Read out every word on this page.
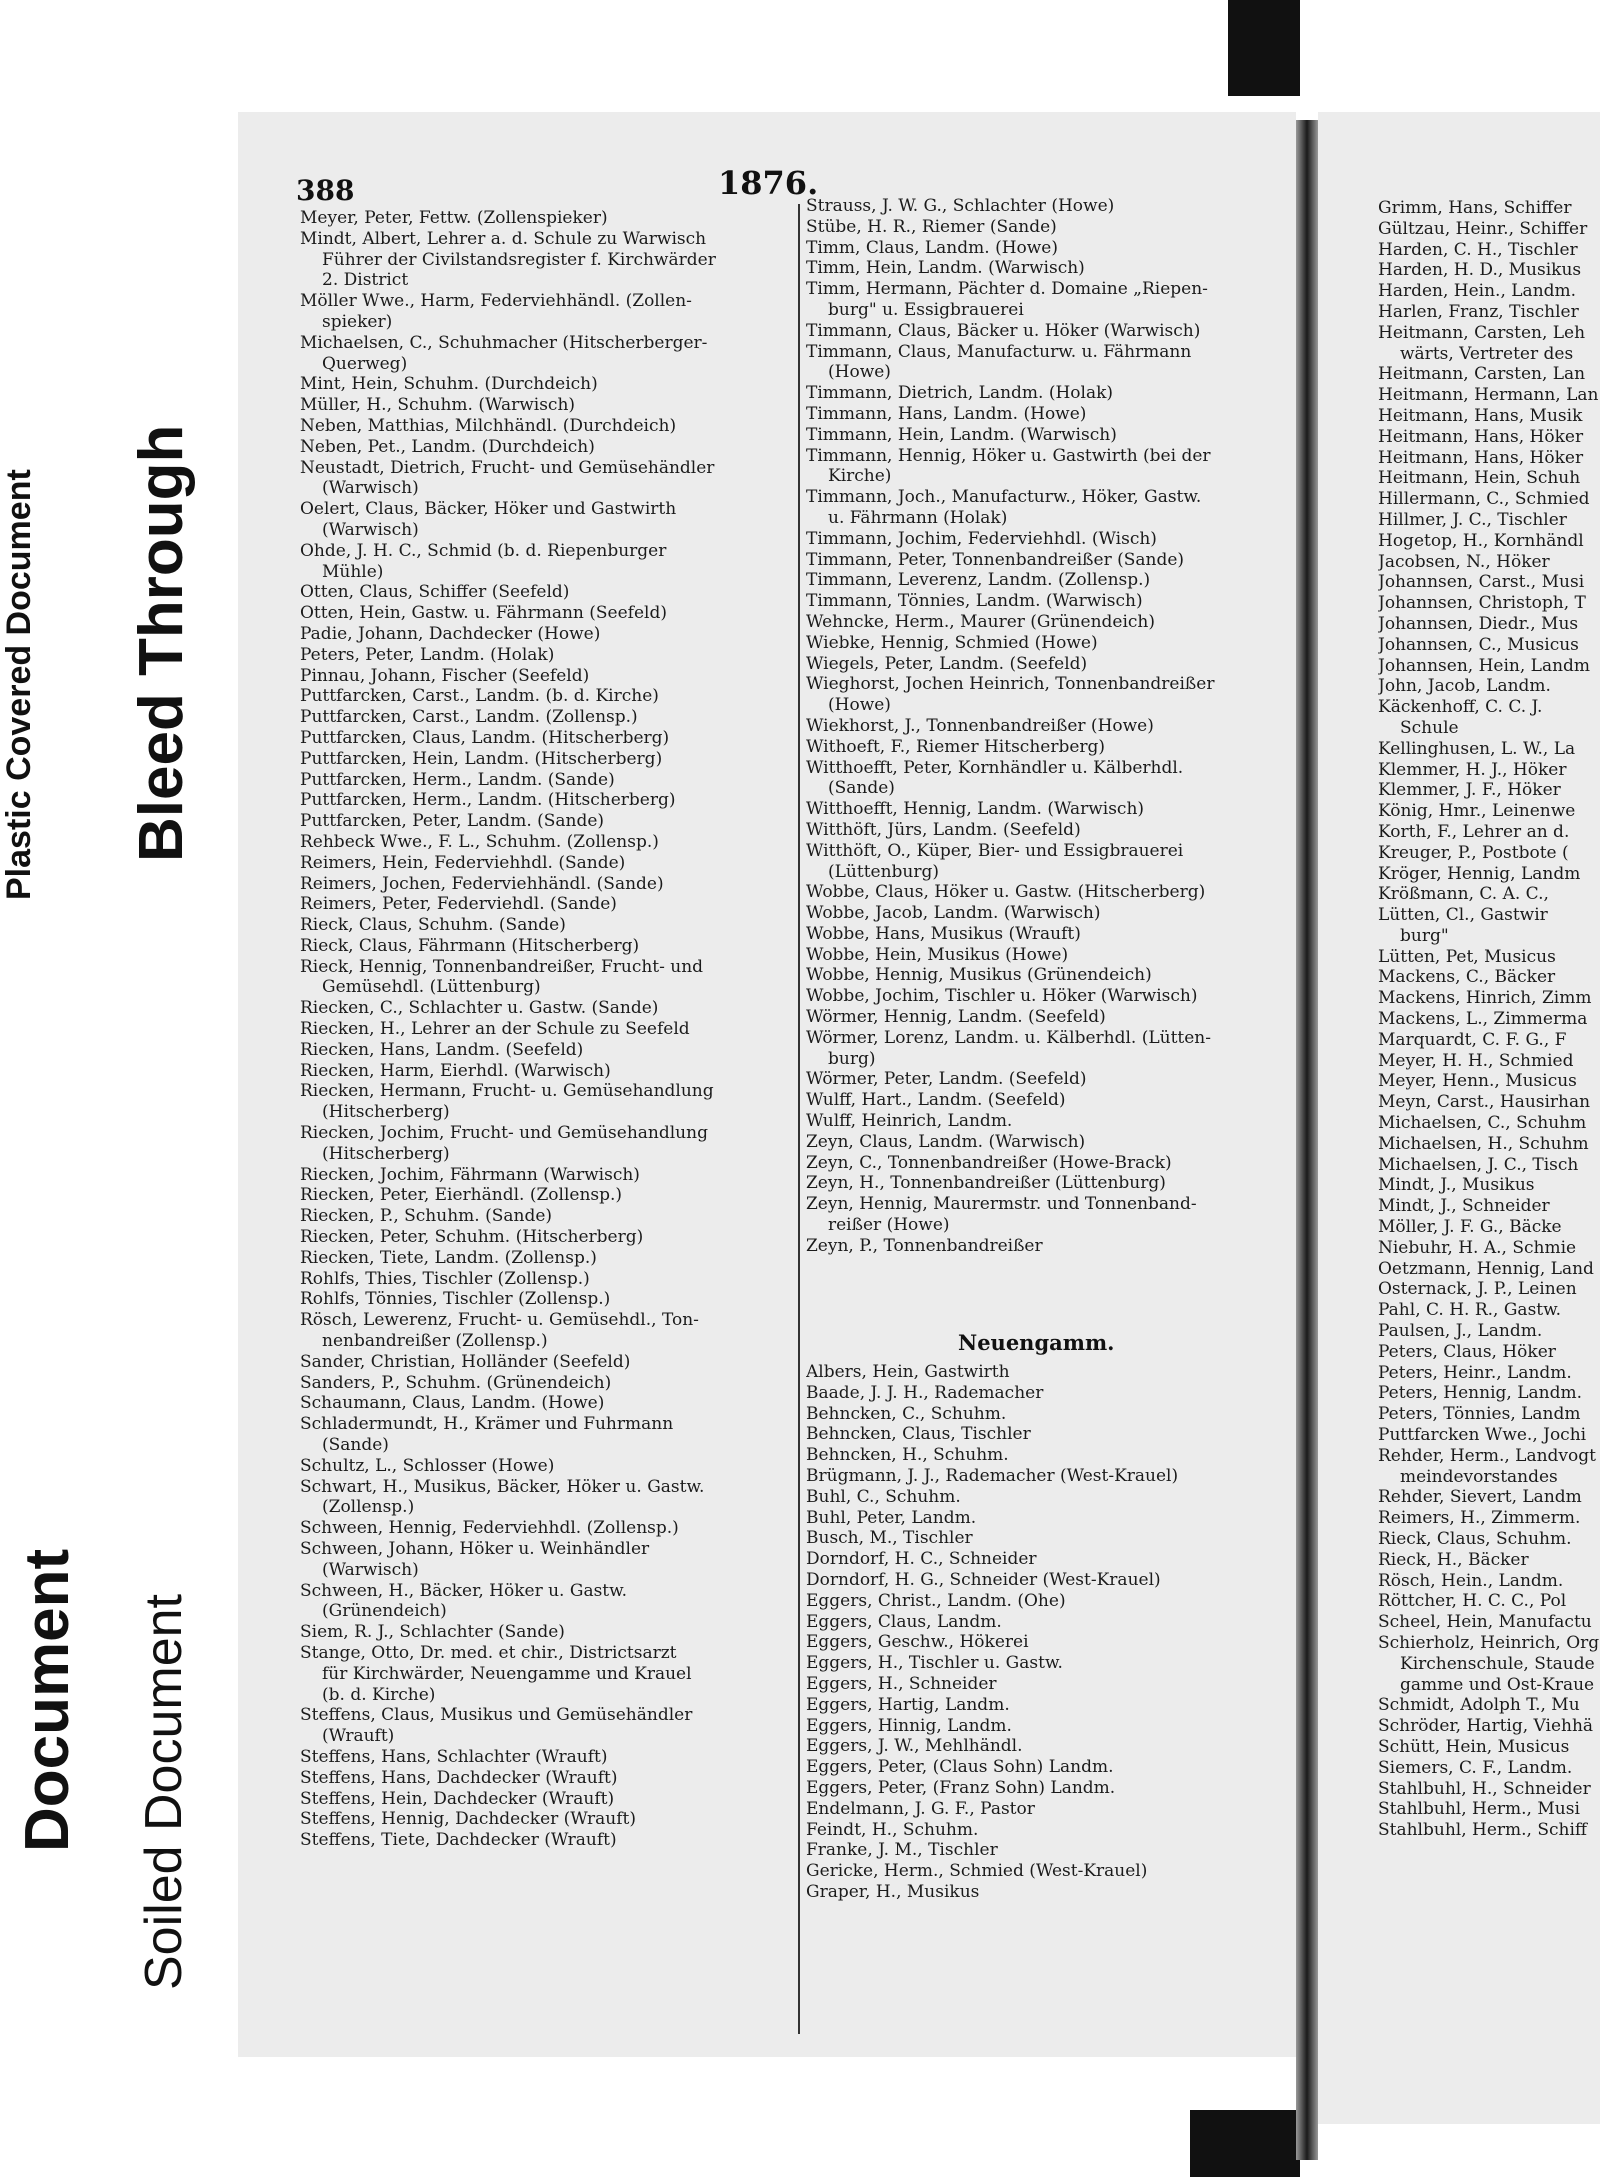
Plastic Covered Document Bleed Through
Document Soiled Document
388	1876.
Meyer, Peter, Fettw. (Zollenspieker)
Mindt, Albert, Lehrer a. d. Schule zu Warwisch
Führer der Civilstandsregister f. Kirchwärder
2. District
Möller Wwe., Harm, Federviehhändl. (Zollen-
spieker)
Michaelsen, C., Schuhmacher (Hitscherberger-
Querweg)
Mint, Hein, Schuhm. (Durchdeich)
Müller, H., Schuhm. (Warwisch)
Neben, Matthias, Milchhändl. (Durchdeich)
Neben, Pet., Landm. (Durchdeich)
Neustadt, Dietrich, Frucht- und Gemüsehändler
(Warwisch)
Oelert, Claus, Bäcker, Höker und Gastwirth
(Warwisch)
Ohde, J. H. C., Schmid (b. d. Riepenburger
Mühle)
Otten, Claus, Schiffer (Seefeld)
Otten, Hein, Gastw. u. Fährmann (Seefeld)
Padie, Johann, Dachdecker (Howe)
Peters, Peter, Landm. (Holak)
Pinnau, Johann, Fischer (Seefeld)
Puttfarcken, Carst., Landm. (b. d. Kirche)
Puttfarcken, Carst., Landm. (Zollensp.)
Puttfarcken, Claus, Landm. (Hitscherberg)
Puttfarcken, Hein, Landm. (Hitscherberg)
Puttfarcken, Herm., Landm. (Sande)
Puttfarcken, Herm., Landm. (Hitscherberg)
Puttfarcken, Peter, Landm. (Sande)
Rehbeck Wwe., F. L., Schuhm. (Zollensp.)
Reimers, Hein, Federviehhdl. (Sande)
Reimers, Jochen, Federviehhändl. (Sande)
Reimers, Peter, Federviehdl. (Sande)
Rieck, Claus, Schuhm. (Sande)
Rieck, Claus, Fährmann (Hitscherberg)
Rieck, Hennig, Tonnenbandreißer, Frucht- und
Gemüsehdl. (Lüttenburg)
Riecken, C., Schlachter u. Gastw. (Sande)
Riecken, H., Lehrer an der Schule zu Seefeld
Riecken, Hans, Landm. (Seefeld)
Riecken, Harm, Eierhdl. (Warwisch)
Riecken, Hermann, Frucht- u. Gemüsehandlung
(Hitscherberg)
Riecken, Jochim, Frucht- und Gemüsehandlung
(Hitscherberg)
Riecken, Jochim, Fährmann (Warwisch)
Riecken, Peter, Eierhändl. (Zollensp.)
Riecken, P., Schuhm. (Sande)
Riecken, Peter, Schuhm. (Hitscherberg)
Riecken, Tiete, Landm. (Zollensp.)
Rohlfs, Thies, Tischler (Zollensp.)
Rohlfs, Tönnies, Tischler (Zollensp.)
Rösch, Lewerenz, Frucht- u. Gemüsehdl., Ton-
nenbandreißer (Zollensp.)
Sander, Christian, Holländer (Seefeld)
Sanders, P., Schuhm. (Grünendeich)
Schaumann, Claus, Landm. (Howe)
Schladermundt, H., Krämer und Fuhrmann
(Sande)
Schultz, L., Schlosser (Howe)
Schwart, H., Musikus, Bäcker, Höker u. Gastw.
(Zollensp.)
Schween, Hennig, Federviehhdl. (Zollensp.)
Schween, Johann, Höker u. Weinhändler
(Warwisch)
Schween, H., Bäcker, Höker u. Gastw.
(Grünendeich)
Siem, R. J., Schlachter (Sande)
Stange, Otto, Dr. med. et chir., Districtsarzt
für Kirchwärder, Neuengamme und Krauel
(b. d. Kirche)
Steffens, Claus, Musikus und Gemüsehändler
(Wrauft)
Steffens, Hans, Schlachter (Wrauft)
Steffens, Hans, Dachdecker (Wrauft)
Steffens, Hein, Dachdecker (Wrauft)
Steffens, Hennig, Dachdecker (Wrauft)
Steffens, Tiete, Dachdecker (Wrauft)
Strauss, J. W. G., Schlachter (Howe)
Stübe, H. R., Riemer (Sande)
Timm, Claus, Landm. (Howe)
Timm, Hein, Landm. (Warwisch)
Timm, Hermann, Pächter d. Domaine „Riepen-
burg" u. Essigbrauerei
Timmann, Claus, Bäcker u. Höker (Warwisch)
Timmann, Claus, Manufacturw. u. Fährmann
(Howe)
Timmann, Dietrich, Landm. (Holak)
Timmann, Hans, Landm. (Howe)
Timmann, Hein, Landm. (Warwisch)
Timmann, Hennig, Höker u. Gastwirth (bei der
Kirche)
Timmann, Joch., Manufacturw., Höker, Gastw.
u. Fährmann (Holak)
Timmann, Jochim, Federviehhdl. (Wisch)
Timmann, Peter, Tonnenbandreißer (Sande)
Timmann, Leverenz, Landm. (Zollensp.)
Timmann, Tönnies, Landm. (Warwisch)
Wehncke, Herm., Maurer (Grünendeich)
Wiebke, Hennig, Schmied (Howe)
Wiegels, Peter, Landm. (Seefeld)
Wieghorst, Jochen Heinrich, Tonnenbandreißer
(Howe)
Wiekhorst, J., Tonnenbandreißer (Howe)
Withoeft, F., Riemer Hitscherberg)
Witthoefft, Peter, Kornhändler u. Kälberhdl.
(Sande)
Witthoefft, Hennig, Landm. (Warwisch)
Witthöft, Jürs, Landm. (Seefeld)
Witthöft, O., Küper, Bier- und Essigbrauerei
(Lüttenburg)
Wobbe, Claus, Höker u. Gastw. (Hitscherberg)
Wobbe, Jacob, Landm. (Warwisch)
Wobbe, Hans, Musikus (Wrauft)
Wobbe, Hein, Musikus (Howe)
Wobbe, Hennig, Musikus (Grünendeich)
Wobbe, Jochim, Tischler u. Höker (Warwisch)
Wörmer, Hennig, Landm. (Seefeld)
Wörmer, Lorenz, Landm. u. Kälberhdl. (Lütten-
burg)
Wörmer, Peter, Landm. (Seefeld)
Wulff, Hart., Landm. (Seefeld)
Wulff, Heinrich, Landm.
Zeyn, Claus, Landm. (Warwisch)
Zeyn, C., Tonnenbandreißer (Howe-Brack)
Zeyn, H., Tonnenbandreißer (Lüttenburg)
Zeyn, Hennig, Maurermstr. und Tonnenband-
reißer (Howe)
Zeyn, P., Tonnenbandreißer
Neuengamm.
Albers, Hein, Gastwirth
Baade, J. J. H., Rademacher
Behncken, C., Schuhm.
Behncken, Claus, Tischler
Behncken, H., Schuhm.
Brügmann, J. J., Rademacher (West-Krauel)
Buhl, C., Schuhm.
Buhl, Peter, Landm.
Busch, M., Tischler
Dorndorf, H. C., Schneider
Dorndorf, H. G., Schneider (West-Krauel)
Eggers, Christ., Landm. (Ohe)
Eggers, Claus, Landm.
Eggers, Geschw., Hökerei
Eggers, H., Tischler u. Gastw.
Eggers, H., Schneider
Eggers, Hartig, Landm.
Eggers, Hinnig, Landm.
Eggers, J. W., Mehlhändl.
Eggers, Peter, (Claus Sohn) Landm.
Eggers, Peter, (Franz Sohn) Landm.
Endelmann, J. G. F., Pastor
Feindt, H., Schuhm.
Franke, J. M., Tischler
Gericke, Herm., Schmied (West-Krauel)
Graper, H., Musikus
Grimm, Hans, Schiffer
Gültzau, Heinr., Schiffer
Harden, C. H., Tischler
Harden, H. D., Musikus
Harden, Hein., Landm.
Harlen, Franz, Tischler
Heitmann, Carsten, Leh
wärts, Vertreter des
Heitmann, Carsten, Lan
Heitmann, Hermann, Lan
Heitmann, Hans, Musik
Heitmann, Hans, Höker
Heitmann, Hans, Höker
Heitmann, Hein, Schuh
Hillermann, C., Schmied
Hillmer, J. C., Tischler
Hogetop, H., Kornhändl
Jacobsen, N., Höker
Johannsen, Carst., Musi
Johannsen, Christoph, T
Johannsen, Diedr., Mus
Johannsen, C., Musicus
Johannsen, Hein, Landm
John, Jacob, Landm.
Käckenhoff, C. C. J.
Schule
Kellinghusen, L. W., La
Klemmer, H. J., Höker
Klemmer, J. F., Höker
König, Hmr., Leinenwe
Korth, F., Lehrer an d.
Kreuger, P., Postbote (
Kröger, Hennig, Landm
Krößmann, C. A. C.,
Lütten, Cl., Gastwir
burg"
Lütten, Pet, Musicus
Mackens, C., Bäcker
Mackens, Hinrich, Zimm
Mackens, L., Zimmerma
Marquardt, C. F. G., F
Meyer, H. H., Schmied
Meyer, Henn., Musicus
Meyn, Carst., Hausirhan
Michaelsen, C., Schuhm
Michaelsen, H., Schuhm
Michaelsen, J. C., Tisch
Mindt, J., Musikus
Mindt, J., Schneider
Möller, J. F. G., Bäcke
Niebuhr, H. A., Schmie
Oetzmann, Hennig, Land
Osternack, J. P., Leinen
Pahl, C. H. R., Gastw.
Paulsen, J., Landm.
Peters, Claus, Höker
Peters, Heinr., Landm.
Peters, Hennig, Landm.
Peters, Tönnies, Landm
Puttfarcken Wwe., Jochi
Rehder, Herm., Landvogt
meindevorstandes
Rehder, Sievert, Landm
Reimers, H., Zimmerm.
Rieck, Claus, Schuhm.
Rieck, H., Bäcker
Rösch, Hein., Landm.
Röttcher, H. C. C., Pol
Scheel, Hein, Manufactu
Schierholz, Heinrich, Org
Kirchenschule, Staude
gamme und Ost-Kraue
Schmidt, Adolph T., Mu
Schröder, Hartig, Viehhä
Schütt, Hein, Musicus
Siemers, C. F., Landm.
Stahlbuhl, H., Schneider
Stahlbuhl, Herm., Musi
Stahlbuhl, Herm., Schiff
